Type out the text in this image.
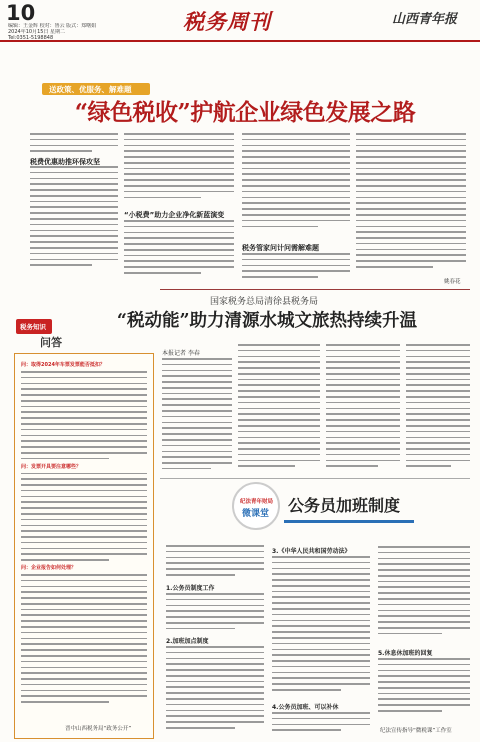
10
编辑：王金辉 校对：鲁云 版式：郑曙娟
2024年10月15日 星期二
Tel:0351-5198848
税务周刊	山西青年报
送政策、优服务、解难题
“绿色税收”护航企业绿色发展之路
税费优惠助推环保攻坚
“小税费”助力企业净化新蓝演变
税务管家问计问需解难题
姚春花
国家税务总局清徐县税务局
“税动能”助力清源水城文旅热持续升温
本报记者 李春
税务知识
问答
问：取得2024年车票发票能否抵扣？
问：发票开具要注意哪些？
问：企业报告如何处理？
晋中山西税务局“政务公开”
纪法青年财局
微课堂 公务员加班制度
1.公务员制度工作
2.加班加点制度
3.《中华人民共和国劳动法》
4.公务员加班、可以补休
5.休息休加班的回复
纪法宣传指导“微税课”工作室
